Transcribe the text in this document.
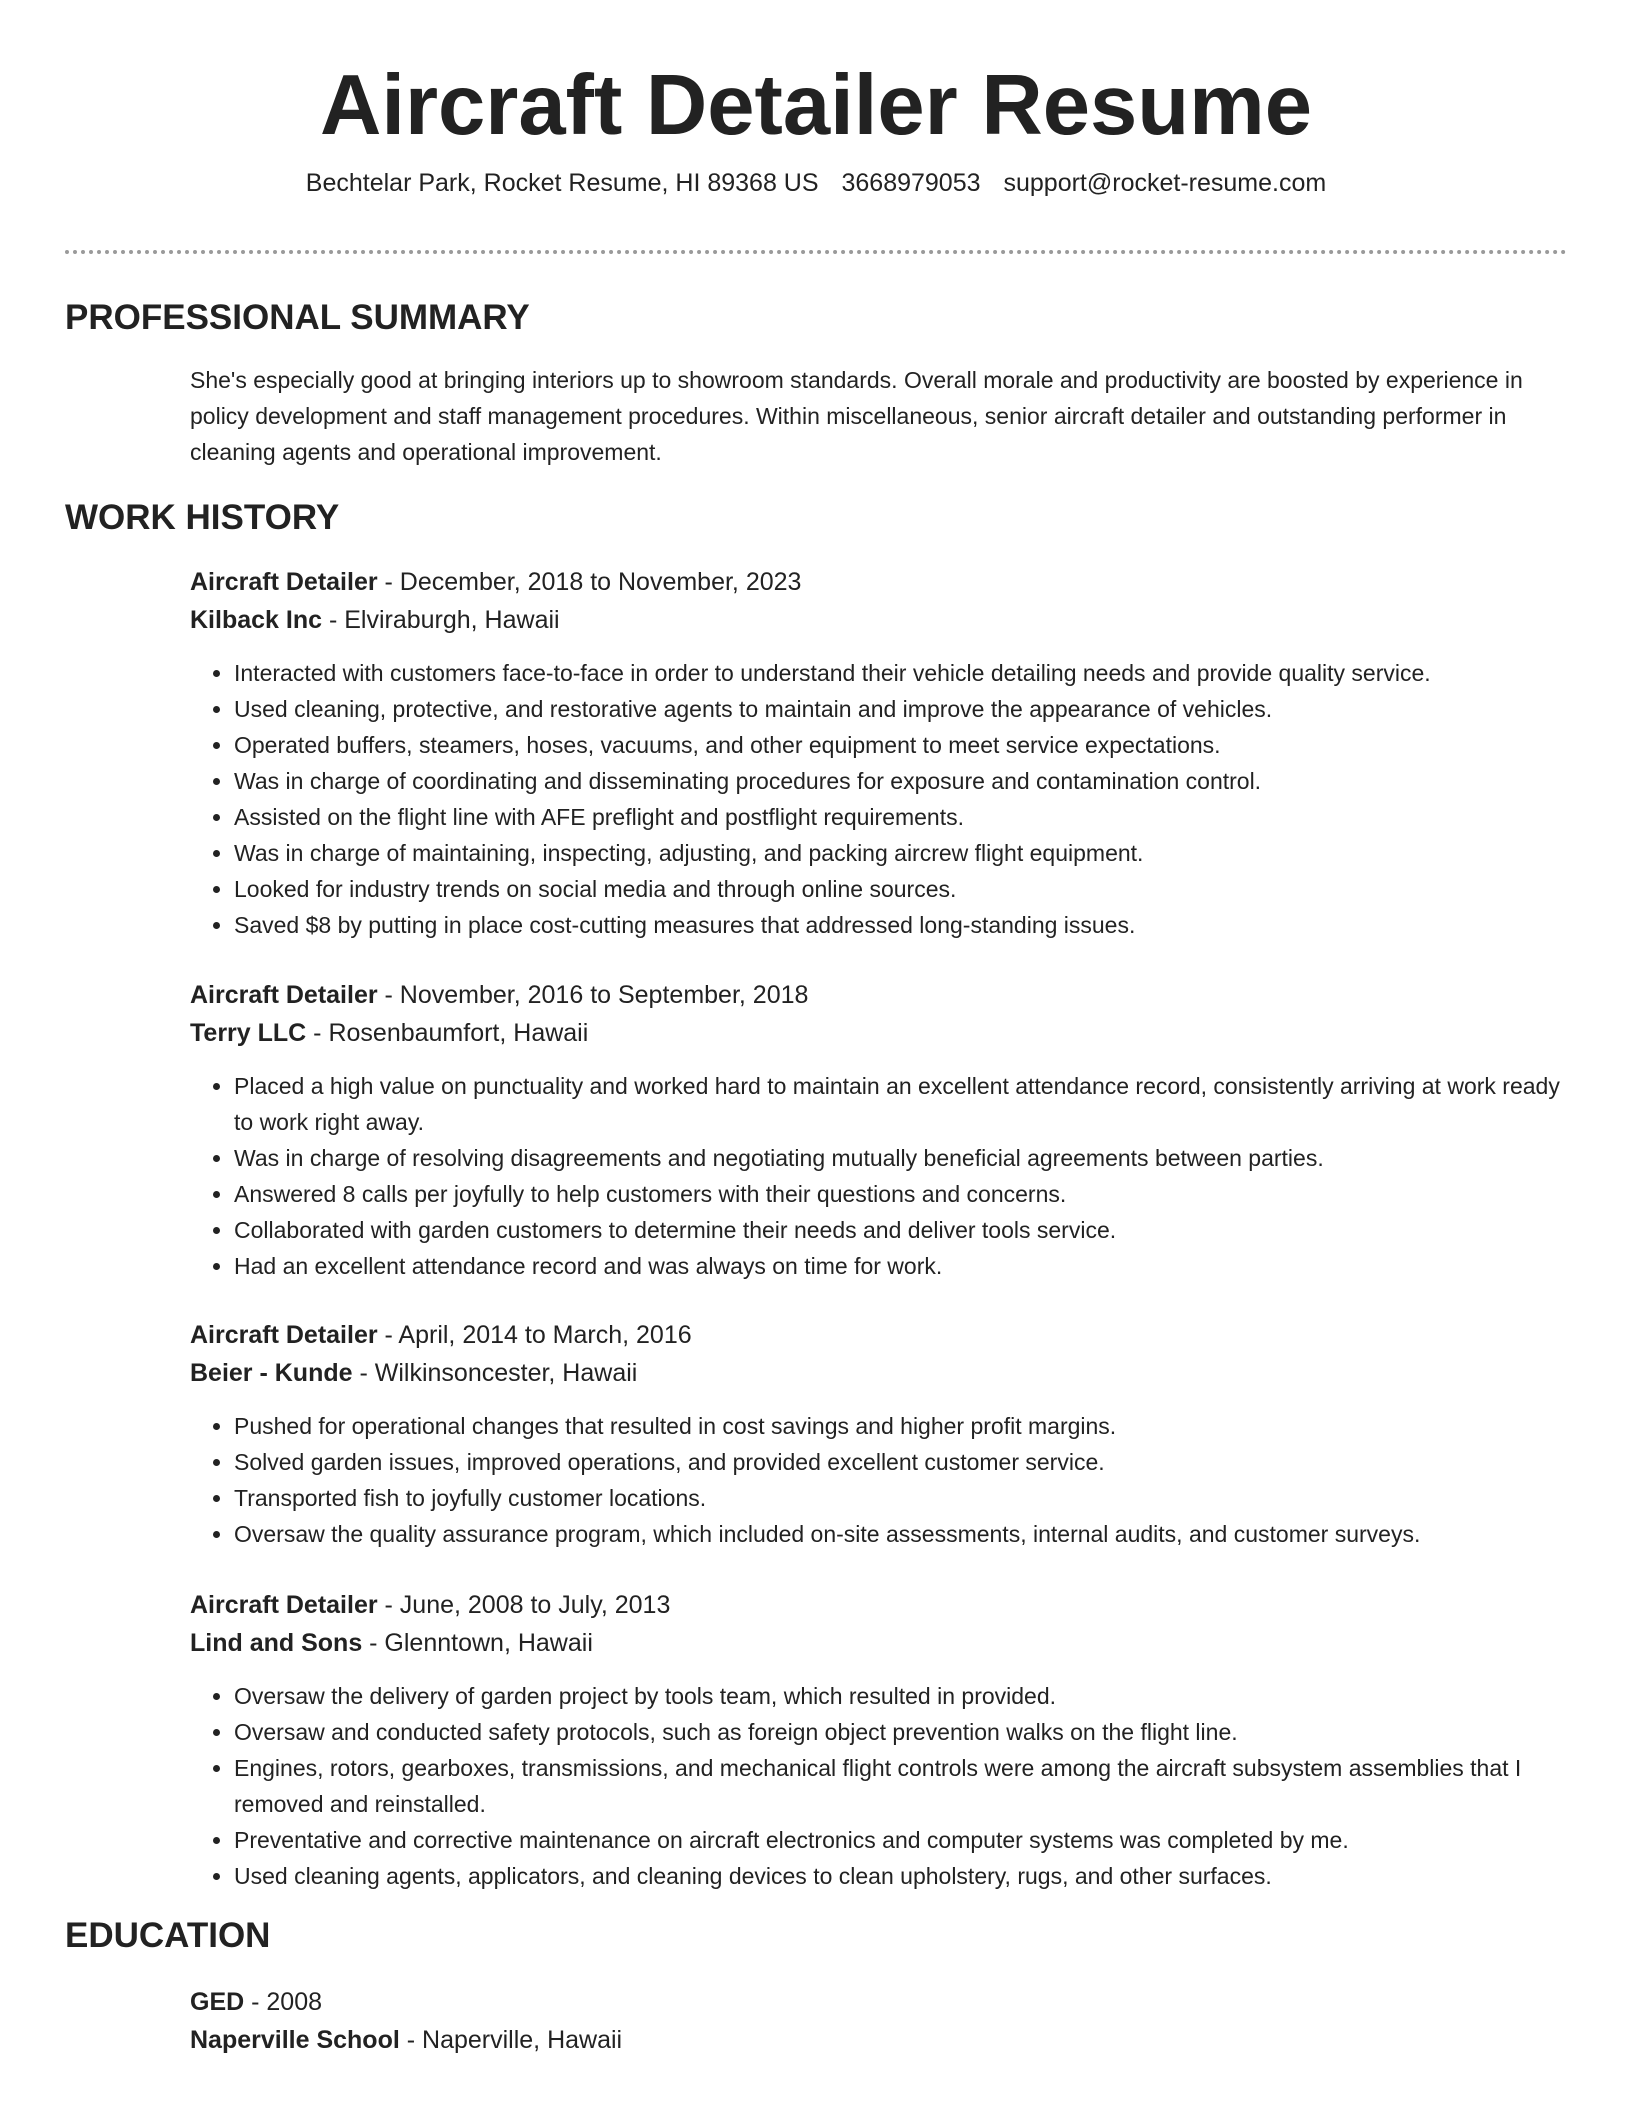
Aircraft Detailer Resume

Bechtelar Park, Rocket Resume, HI 89368 US 3668979053 support@rocket-resume.com

PROFESSIONAL SUMMARY

She's especially good at bringing interiors up to showroom standards. Overall morale and productivity are boosted by experience in policy development and staff management procedures. Within miscellaneous, senior aircraft detailer and outstanding performer in cleaning agents and operational improvement.

WORK HISTORY

Aircraft Detailer - December, 2018 to November, 2023

Kilback Inc - Elviraburgh, Hawaii

• Interacted with customers face-to-face in order to understand their vehicle detailing needs and provide quality service.
• Used cleaning, protective, and restorative agents to maintain and improve the appearance of vehicles.
• Operated buffers, steamers, hoses, vacuums, and other equipment to meet service expectations.
• Was in charge of coordinating and disseminating procedures for exposure and contamination control.
• Assisted on the flight line with AFE preflight and postflight requirements.
• Was in charge of maintaining, inspecting, adjusting, and packing aircrew flight equipment.
• Looked for industry trends on social media and through online sources.
• Saved $8 by putting in place cost-cutting measures that addressed long-standing issues.

Aircraft Detailer - November, 2016 to September, 2018

Terry LLC - Rosenbaumfort, Hawaii

• Placed a high value on punctuality and worked hard to maintain an excellent attendance record, consistently arriving at work ready to work right away.
• Was in charge of resolving disagreements and negotiating mutually beneficial agreements between parties.
• Answered 8 calls per joyfully to help customers with their questions and concerns.
• Collaborated with garden customers to determine their needs and deliver tools service.
• Had an excellent attendance record and was always on time for work.

Aircraft Detailer - April, 2014 to March, 2016

Beier - Kunde - Wilkinsoncester, Hawaii

• Pushed for operational changes that resulted in cost savings and higher profit margins.
• Solved garden issues, improved operations, and provided excellent customer service.
• Transported fish to joyfully customer locations.
• Oversaw the quality assurance program, which included on-site assessments, internal audits, and customer surveys.

Aircraft Detailer - June, 2008 to July, 2013

Lind and Sons - Glenntown, Hawaii

• Oversaw the delivery of garden project by tools team, which resulted in provided.
• Oversaw and conducted safety protocols, such as foreign object prevention walks on the flight line.
• Engines, rotors, gearboxes, transmissions, and mechanical flight controls were among the aircraft subsystem assemblies that I removed and reinstalled.
• Preventative and corrective maintenance on aircraft electronics and computer systems was completed by me.
• Used cleaning agents, applicators, and cleaning devices to clean upholstery, rugs, and other surfaces.
EDUCATION

GED - 2008

Naperville School - Naperville, Hawaii
